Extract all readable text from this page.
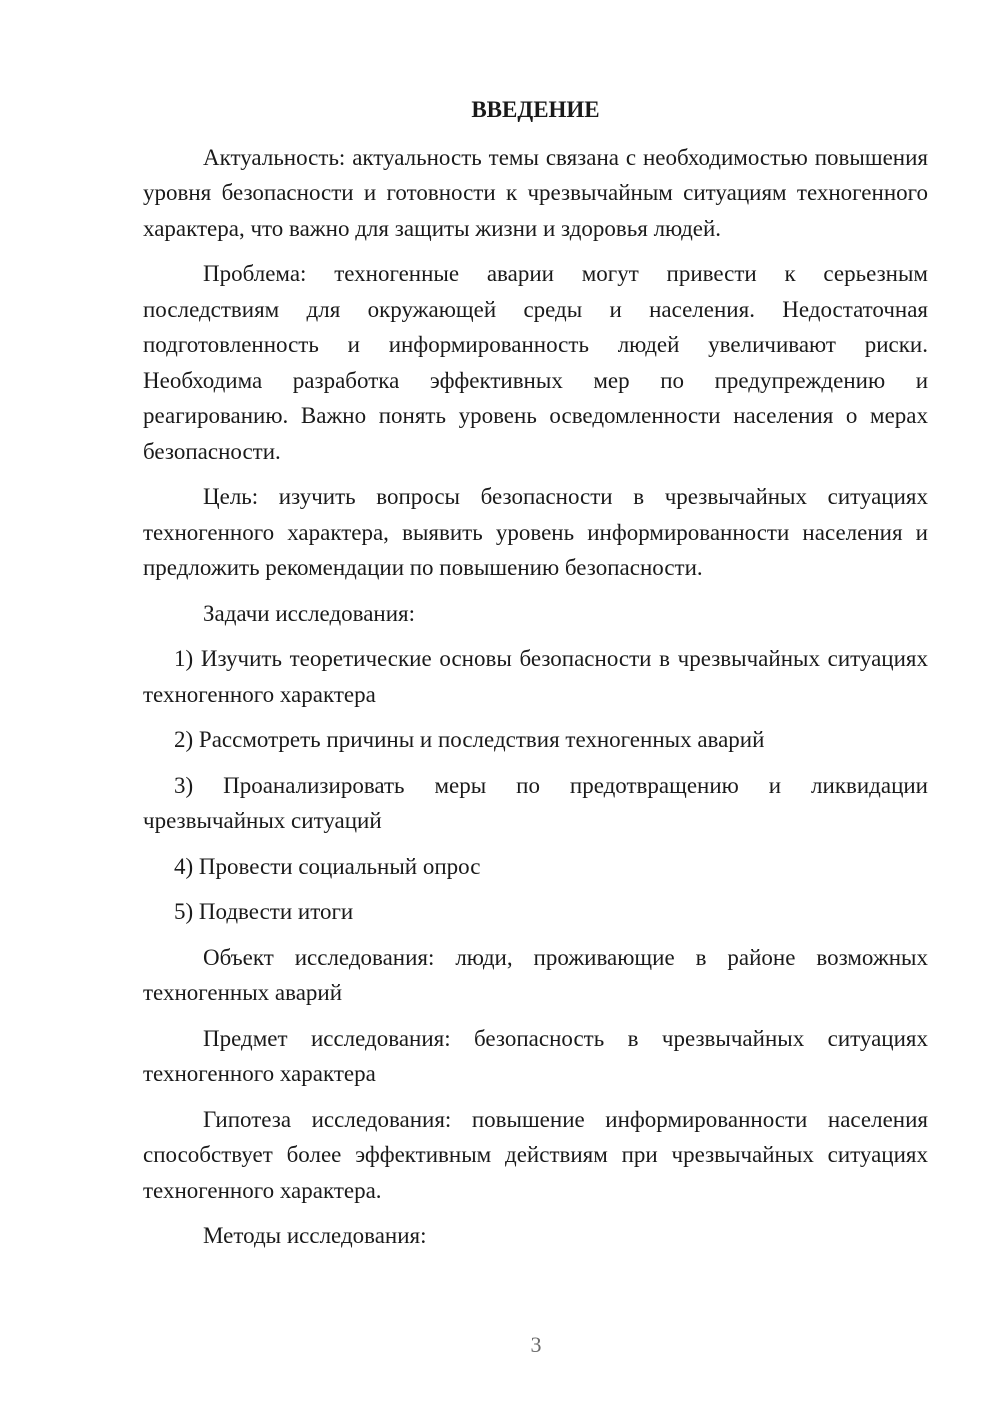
ВВЕДЕНИЕ

Актуальность: актуальность темы связана с необходимостью повышения уровня безопасности и готовности к чрезвычайным ситуациям техногенного характера, что важно для защиты жизни и здоровья людей.

Проблема: техногенные аварии могут привести к серьезным последствиям для окружающей среды и населения. Недостаточная подготовленность и информированность людей увеличивают риски. Необходима разработка эффективных мер по предупреждению и реагированию. Важно понять уровень осведомленности населения о мерах безопасности.

Цель: изучить вопросы безопасности в чрезвычайных ситуациях техногенного характера, выявить уровень информированности населения и предложить рекомендации по повышению безопасности.

Задачи исследования:

1) Изучить теоретические основы безопасности в чрезвычайных ситуациях техногенного характера

2) Рассмотреть причины и последствия техногенных аварий

3) Проанализировать меры по предотвращению и ликвидации чрезвычайных ситуаций

4) Провести социальный опрос

5) Подвести итоги

Объект исследования: люди, проживающие в районе возможных техногенных аварий

Предмет исследования: безопасность в чрезвычайных ситуациях техногенного характера

Гипотеза исследования: повышение информированности населения способствует более эффективным действиям при чрезвычайных ситуациях техногенного характера.

Методы исследования:

3
